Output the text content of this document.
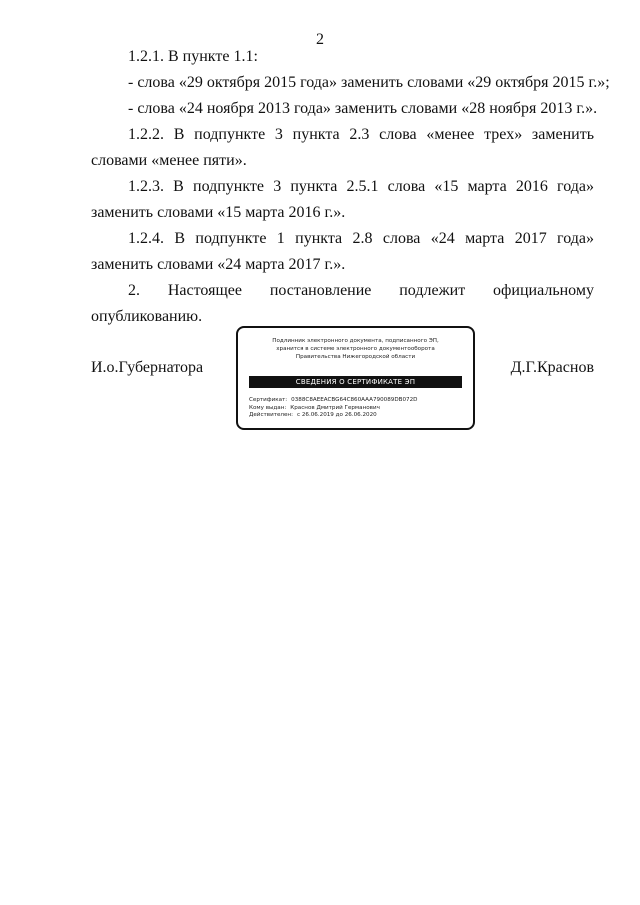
2

1.2.1. В пункте 1.1:

- слова «29 октября 2015 года» заменить словами «29 октября 2015 г.»;

- слова «24 ноября 2013 года» заменить словами «28 ноября 2013 г.».

1.2.2. В подпункте 3 пункта 2.3 слова «менее трех» заменить словами «менее пяти».

1.2.3. В подпункте 3 пункта 2.5.1 слова «15 марта 2016 года» заменить словами «15 марта 2016 г.».

1.2.4. В подпункте 1 пункта 2.8 слова «24 марта 2017 года» заменить словами «24 марта 2017 г.».

2. Настоящее постановление подлежит официальному опубликованию.

И.о.Губернатора
Подлинник электронного документа, подписанного ЭП,
хранится в системе электронного документооборота
Правительства Нижегородской области
СВЕДЕНИЯ О СЕРТИФИКАТЕ ЭП
Сертификат: 0388C8AEEACBG64C860AAA790089DB072D
Кому выдан: Краснов Дмитрий Германович
Действителен: с 26.06.2019 до 26.06.2020
Д.Г.Краснов
